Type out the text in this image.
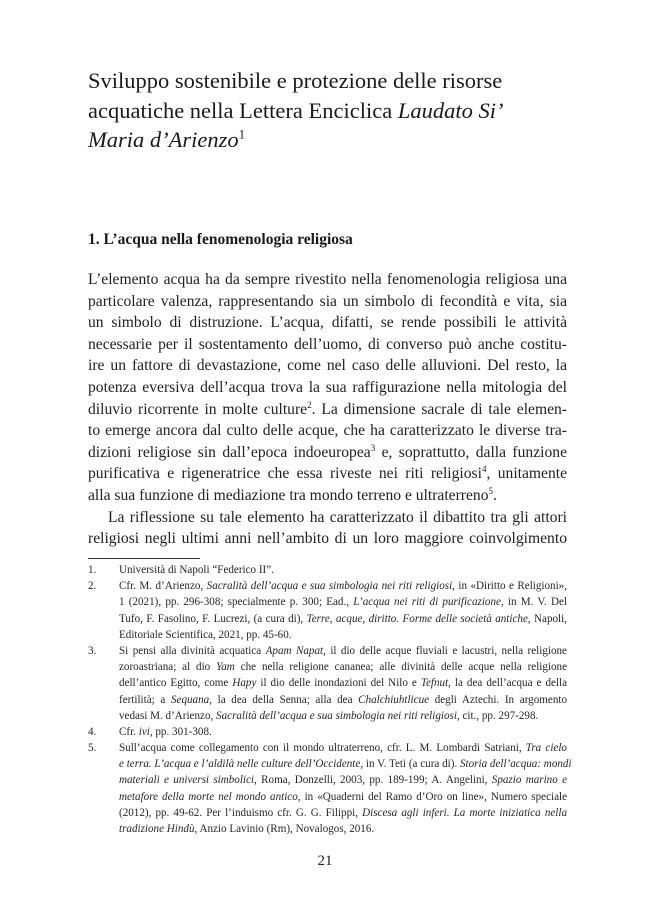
Sviluppo sostenibile e protezione delle risorse
acquatiche nella Lettera Enciclica Laudato Si’
Maria d’Arienzo$^1$
1. L’acqua nella fenomenologia religiosa
L’elemento acqua ha da sempre rivestito nella fenomenologia religiosa una
particolare valenza, rappresentando sia un simbolo di fecondità e vita, sia
un simbolo di distruzione. L’acqua, difatti, se rende possibili le attività
necessarie per il sostentamento dell’uomo, di converso può anche costitu-
ire un fattore di devastazione, come nel caso delle alluvioni. Del resto, la
potenza eversiva dell’acqua trova la sua raffigurazione nella mitologia del
diluvio ricorrente in molte culture$^2$. La dimensione sacrale di tale elemen-
to emerge ancora dal culto delle acque, che ha caratterizzato le diverse tra-
dizioni religiose sin dall’epoca indoeuropea$^3$ e, soprattutto, dalla funzione
purificativa e rigeneratrice che essa riveste nei riti religiosi$^4$, unitamente
alla sua funzione di mediazione tra mondo terreno e ultraterreno$^5$.
La riflessione su tale elemento ha caratterizzato il dibattito tra gli attori
religiosi negli ultimi anni nell’ambito di un loro maggiore coinvolgimento
1. Università di Napoli “Federico II”.
2. Cfr. M. d’Arienzo, Sacralità dell’acqua e sua simbologia nei riti religiosi, in «Diritto e Religioni»,
1 (2021), pp. 296-308; specialmente p. 300; Ead., L’acqua nei riti di purificazione, in M. V. Del
Tufo, F. Fasolino, F. Lucrezi, (a cura di), Terre, acque, diritto. Forme delle società antiche, Napoli,
Editoriale Scientifica, 2021, pp. 45-60.
3. Si pensi alla divinità acquatica Apam Napat, il dio delle acque fluviali e lacustri, nella religione
zoroastriana; al dio Yam che nella religione cananea; alle divinità delle acque nella religione
dell’antico Egitto, come Hapy il dio delle inondazioni del Nilo e Tefnut, la dea dell’acqua e della
fertilità; a Sequana, la dea della Senna; alla dea Chalchiuhtlicue degli Aztechi. In argomento
vedasi M. d’Arienzo, Sacralità dell’acqua e sua simbologia nei riti religiosi, cit., pp. 297-298.
4. Cfr. ivi, pp. 301-308.
5. Sull’acqua come collegamento con il mondo ultraterreno, cfr. L. M. Lombardi Satriani, Tra cielo
e terra. L’acqua e l’aldilà nelle culture dell’Occidente, in V. Teti (a cura di). Storia dell’acqua: mondi
materiali e universi simbolici, Roma, Donzelli, 2003, pp. 189-199; A. Angelini, Spazio marino e
metafore della morte nel mondo antico, in «Quaderni del Ramo d’Oro on line», Numero speciale
(2012), pp. 49-62. Per l’induismo cfr. G. G. Filippi, Discesa agli inferi. La morte iniziatica nella
tradizione Hindù, Anzio Lavinio (Rm), Novalogos, 2016.
21
